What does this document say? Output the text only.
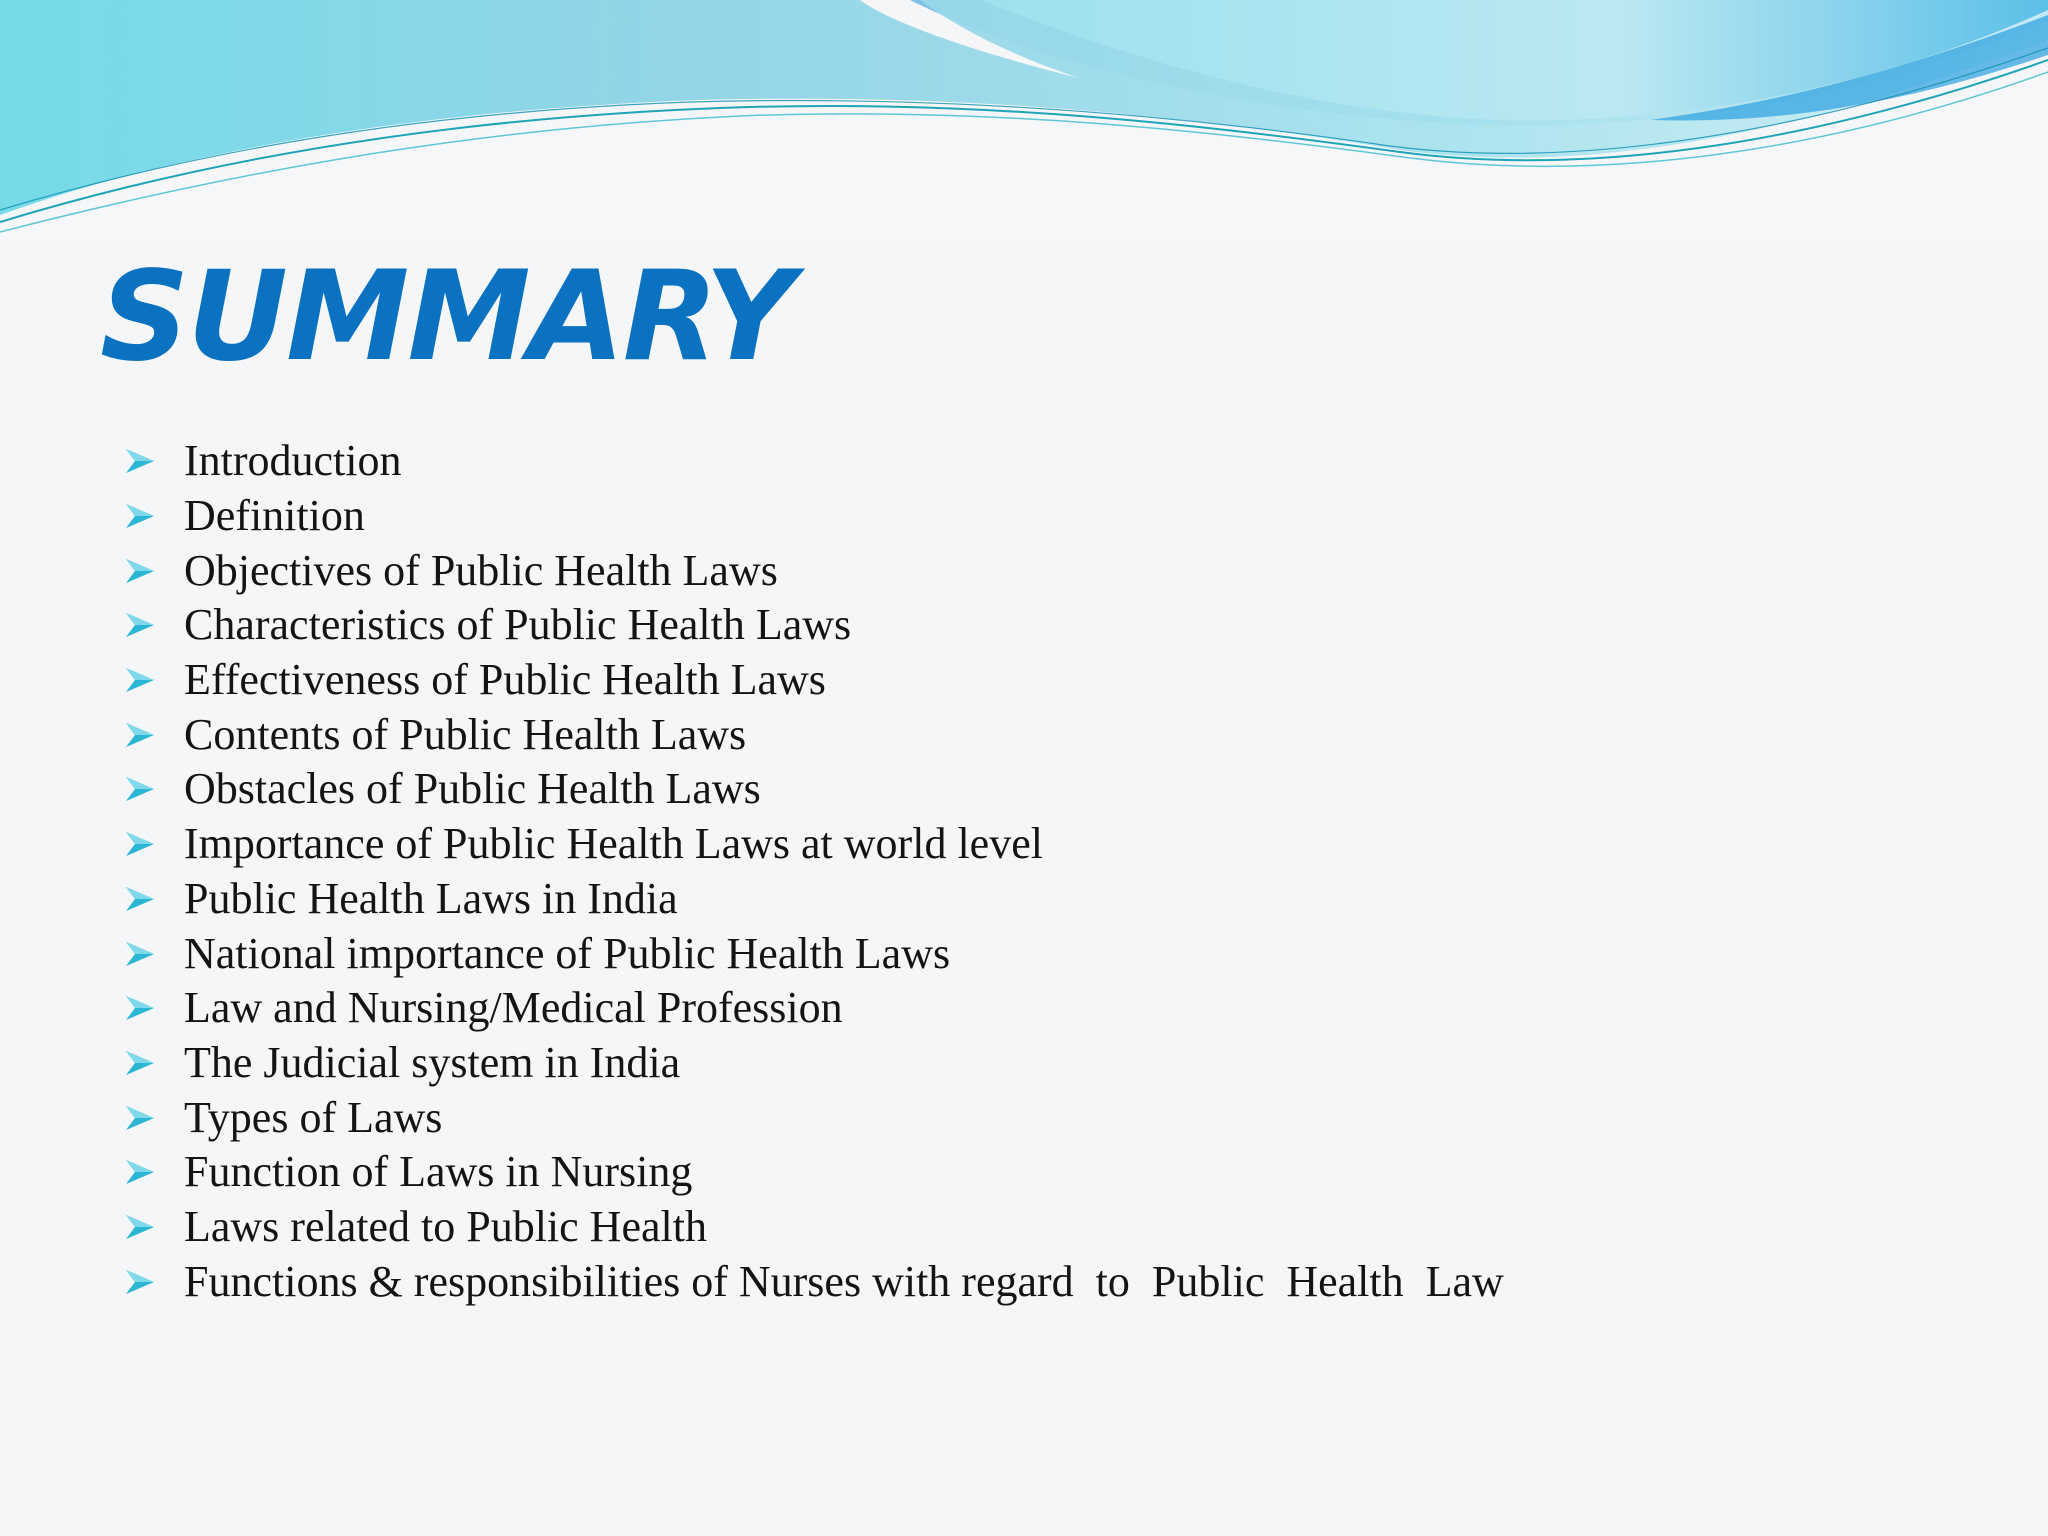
SUMMARY
Introduction
Definition
Objectives of Public Health Laws
Characteristics of Public Health Laws
Effectiveness of Public Health Laws
Contents of Public Health Laws
Obstacles of Public Health Laws
Importance of Public Health Laws at world level
Public Health Laws in India
National importance of Public Health Laws
Law and Nursing/Medical Profession
The Judicial system in India
Types of Laws
Function of Laws in Nursing
Laws related to Public Health
Functions & responsibilities of Nurses with regard  to  Public  Health  Law
